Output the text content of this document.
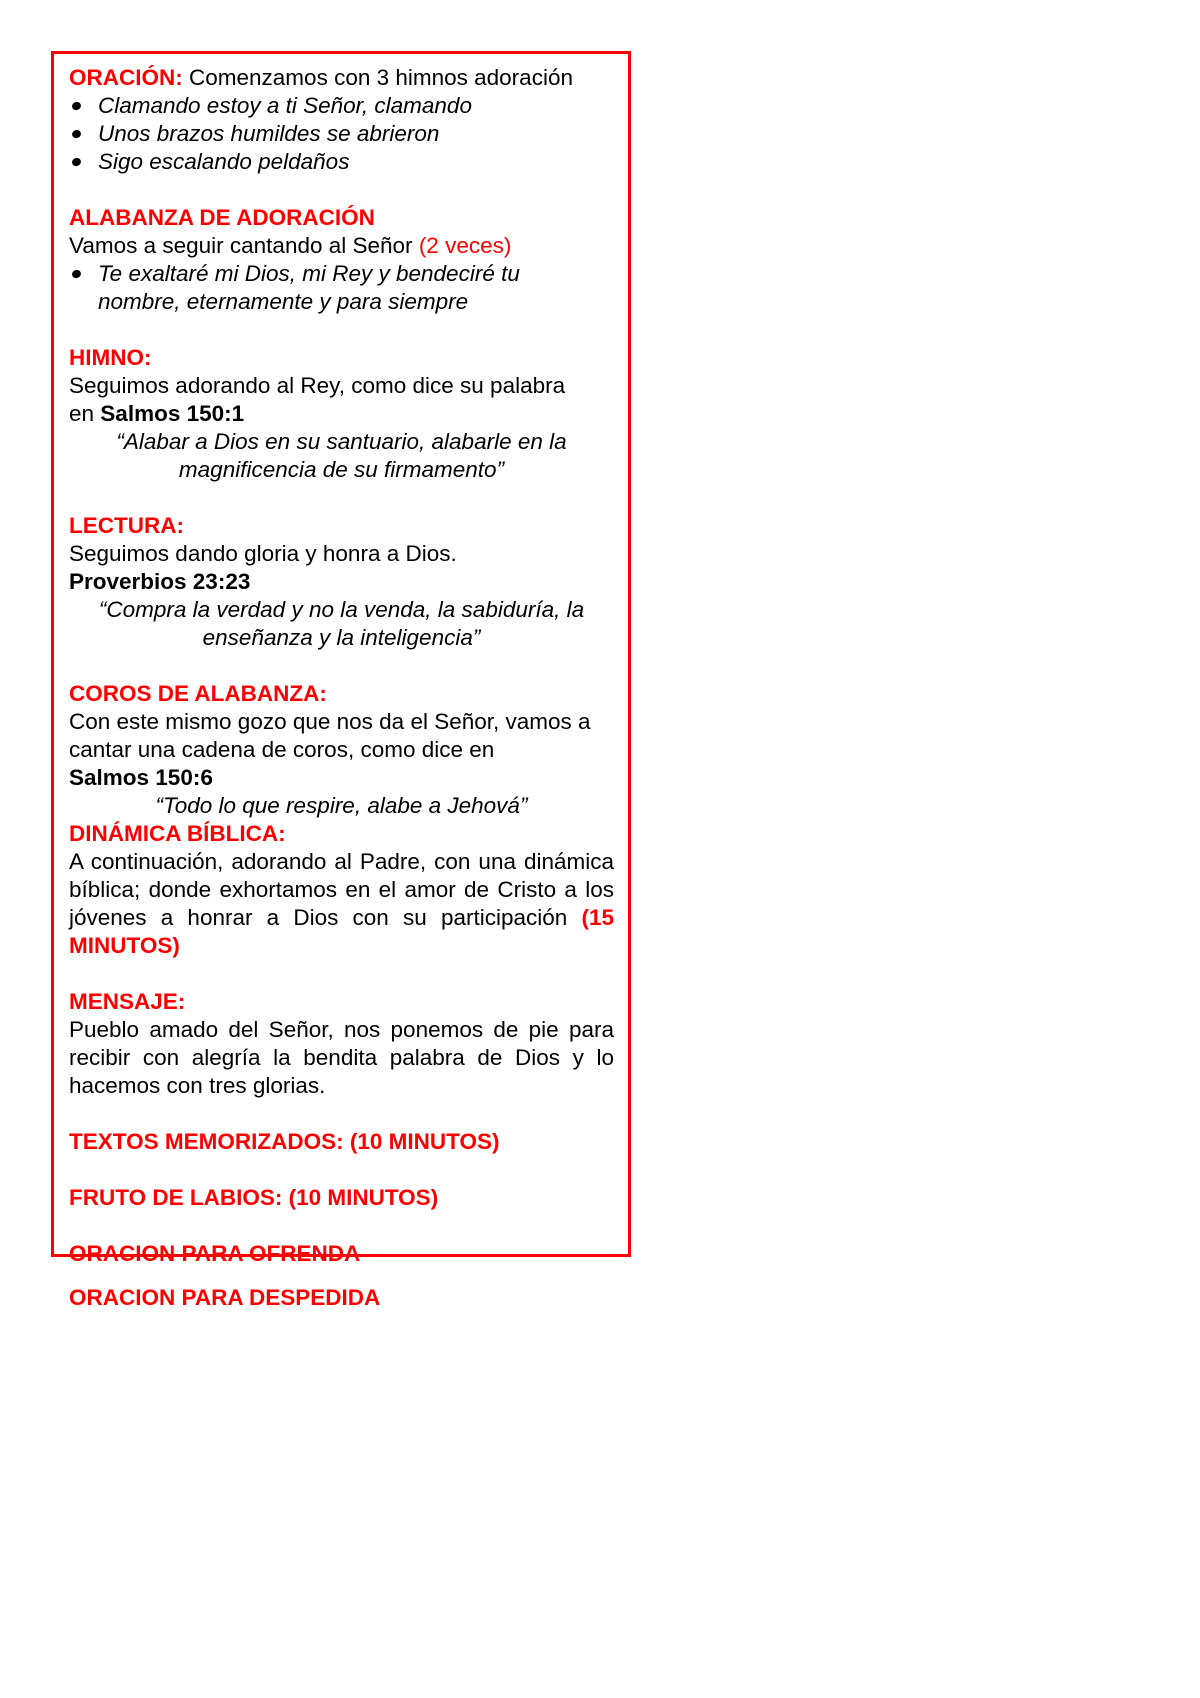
ORACIÓN: Comenzamos con 3 himnos adoración
Clamando estoy a ti Señor, clamando
Unos brazos humildes se abrieron
Sigo escalando peldaños
ALABANZA DE ADORACIÓN
Vamos a seguir cantando al Señor (2 veces)
Te exaltaré mi Dios, mi Rey y bendeciré tu nombre, eternamente y para siempre
HIMNO:
Seguimos adorando al Rey, como dice su palabra en Salmos 150:1
“Alabar a Dios en su santuario, alabarle en la magnificencia de su firmamento”
LECTURA:
Seguimos dando gloria y honra a Dios.
Proverbios 23:23
“Compra la verdad y no la venda, la sabiduría, la enseñanza y la inteligencia”
COROS DE ALABANZA:
Con este mismo gozo que nos da el Señor, vamos a cantar una cadena de coros, como dice en
Salmos 150:6
“Todo lo que respire, alabe a Jehová”
DINÁMICA BÍBLICA:
A continuación, adorando al Padre, con una dinámica bíblica; donde exhortamos en el amor de Cristo a los jóvenes a honrar a Dios con su participación (15 MINUTOS)
MENSAJE:
Pueblo amado del Señor, nos ponemos de pie para recibir con alegría la bendita palabra de Dios y lo hacemos con tres glorias.
TEXTOS MEMORIZADOS: (10 MINUTOS)
FRUTO DE LABIOS: (10 MINUTOS)
ORACION PARA OFRENDA
ORACION PARA DESPEDIDA
